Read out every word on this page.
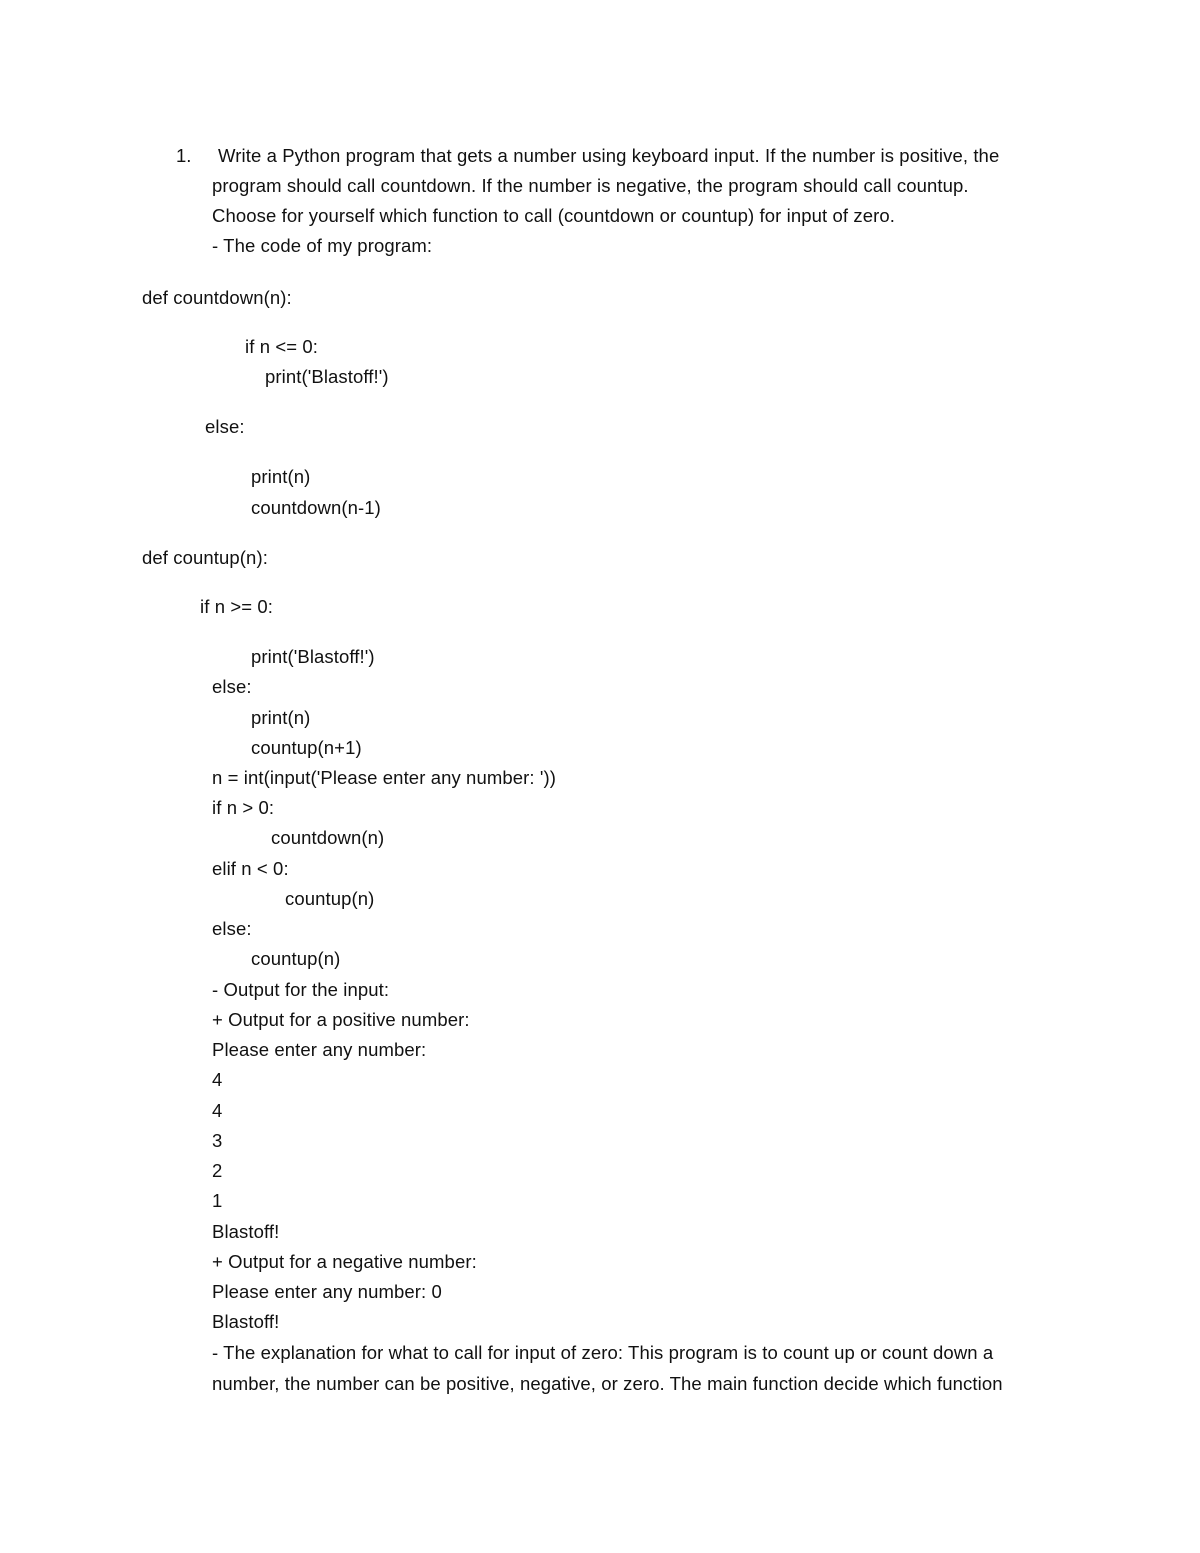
1. Write a Python program that gets a number using keyboard input. If the number is positive, the
program should call countdown. If the number is negative, the program should call countup.
Choose for yourself which function to call (countdown or countup) for input of zero.
- The code of my program:
def countdown(n):
if n <= 0:
print('Blastoff!')
else:
print(n)
countdown(n-1)
def countup(n):
if n >= 0:
print('Blastoff!')
else:
print(n)
countup(n+1)
n = int(input('Please enter any number: '))
if n > 0:
countdown(n)
elif n < 0:
countup(n)
else:
countup(n)
- Output for the input:
+ Output for a positive number:
Please enter any number:
4
4
3
2
1
Blastoff!
+ Output for a negative number:
Please enter any number: 0
Blastoff!
- The explanation for what to call for input of zero: This program is to count up or count down a
number, the number can be positive, negative, or zero. The main function decide which function
